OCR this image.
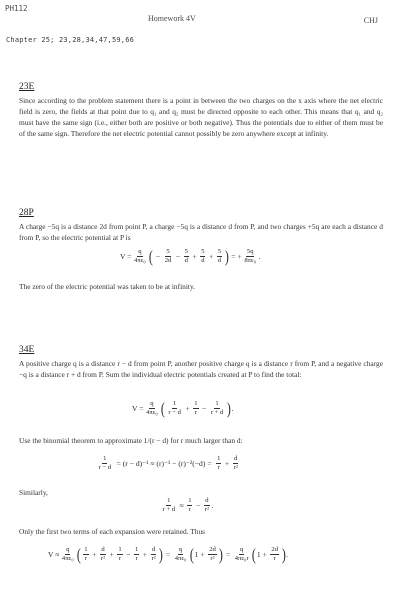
PH112
Homework 4V	CHJ
Chapter 25; 23,28,34,47,59,66
23E
Since according to the problem statement there is a point in between the two charges on the x axis where the net electric field is zero, the fields at that point due to q₁ and q₂ must be directed opposite to each other. This means that q₁ and q₂ must have the same sign (i.e., either both are positive or both negative). Thus the potentials due to either of them must be of the same sign. Therefore the net electric potential cannot possibly be zero anywhere except at infinity.
28P
A charge −5q is a distance 2d from point P, a charge −5q is a distance d from P, and two charges +5q are each a distance d from P, so the electric potential at P is
$V = \frac{q}{\text{4πε₀}}$ ( − $\frac{5}{2d} - \frac{5}{d} + \frac{5}{d} + \frac{5}{d}$ ) = + $\frac{5q}{\text{8πε₀}}$ .
The zero of the electric potential was taken to be at infinity.
34E
A positive charge q is a distance r − d from point P, another positive charge q is a distance r from P, and a negative charge −q is a distance r + d from P. Sum the individual electric potentials created at P to find the total:
$V = \frac{q}{\text{4πε₀}}$ ( $\frac{1}{r - d} + \frac{1}{r} - \frac{1}{r + d}$ ) .
Use the binomial theorem to approximate 1/(r − d) for r much larger than d:
$\frac{1}{r - d} = (r - d)^{-1} \approx (r)^{-1} - (r)^{-2}(-d) = \frac{1}{r} + \frac{d}{\text{r²}}$
Similarly,
$\frac{1}{r + d} \approx \frac{1}{r} - \frac{d}{\text{r²}}$ .
Only the first two terms of each expansion were retained. Thus
$V \approx \frac{q}{\text{4πε₀}}$ ( $\frac{1}{r} + \frac{d}{\text{r²}} + \frac{1}{r} - \frac{1}{r} + \frac{d}{\text{r²}}$ ) = $\frac{q}{\text{4πε₀}}$ ( $1 + \frac{2d}{\text{r²}}$ ) = $\frac{q}{\text{4πε₀r}}$ ( $1 + \frac{2d}{r}$ ) .
